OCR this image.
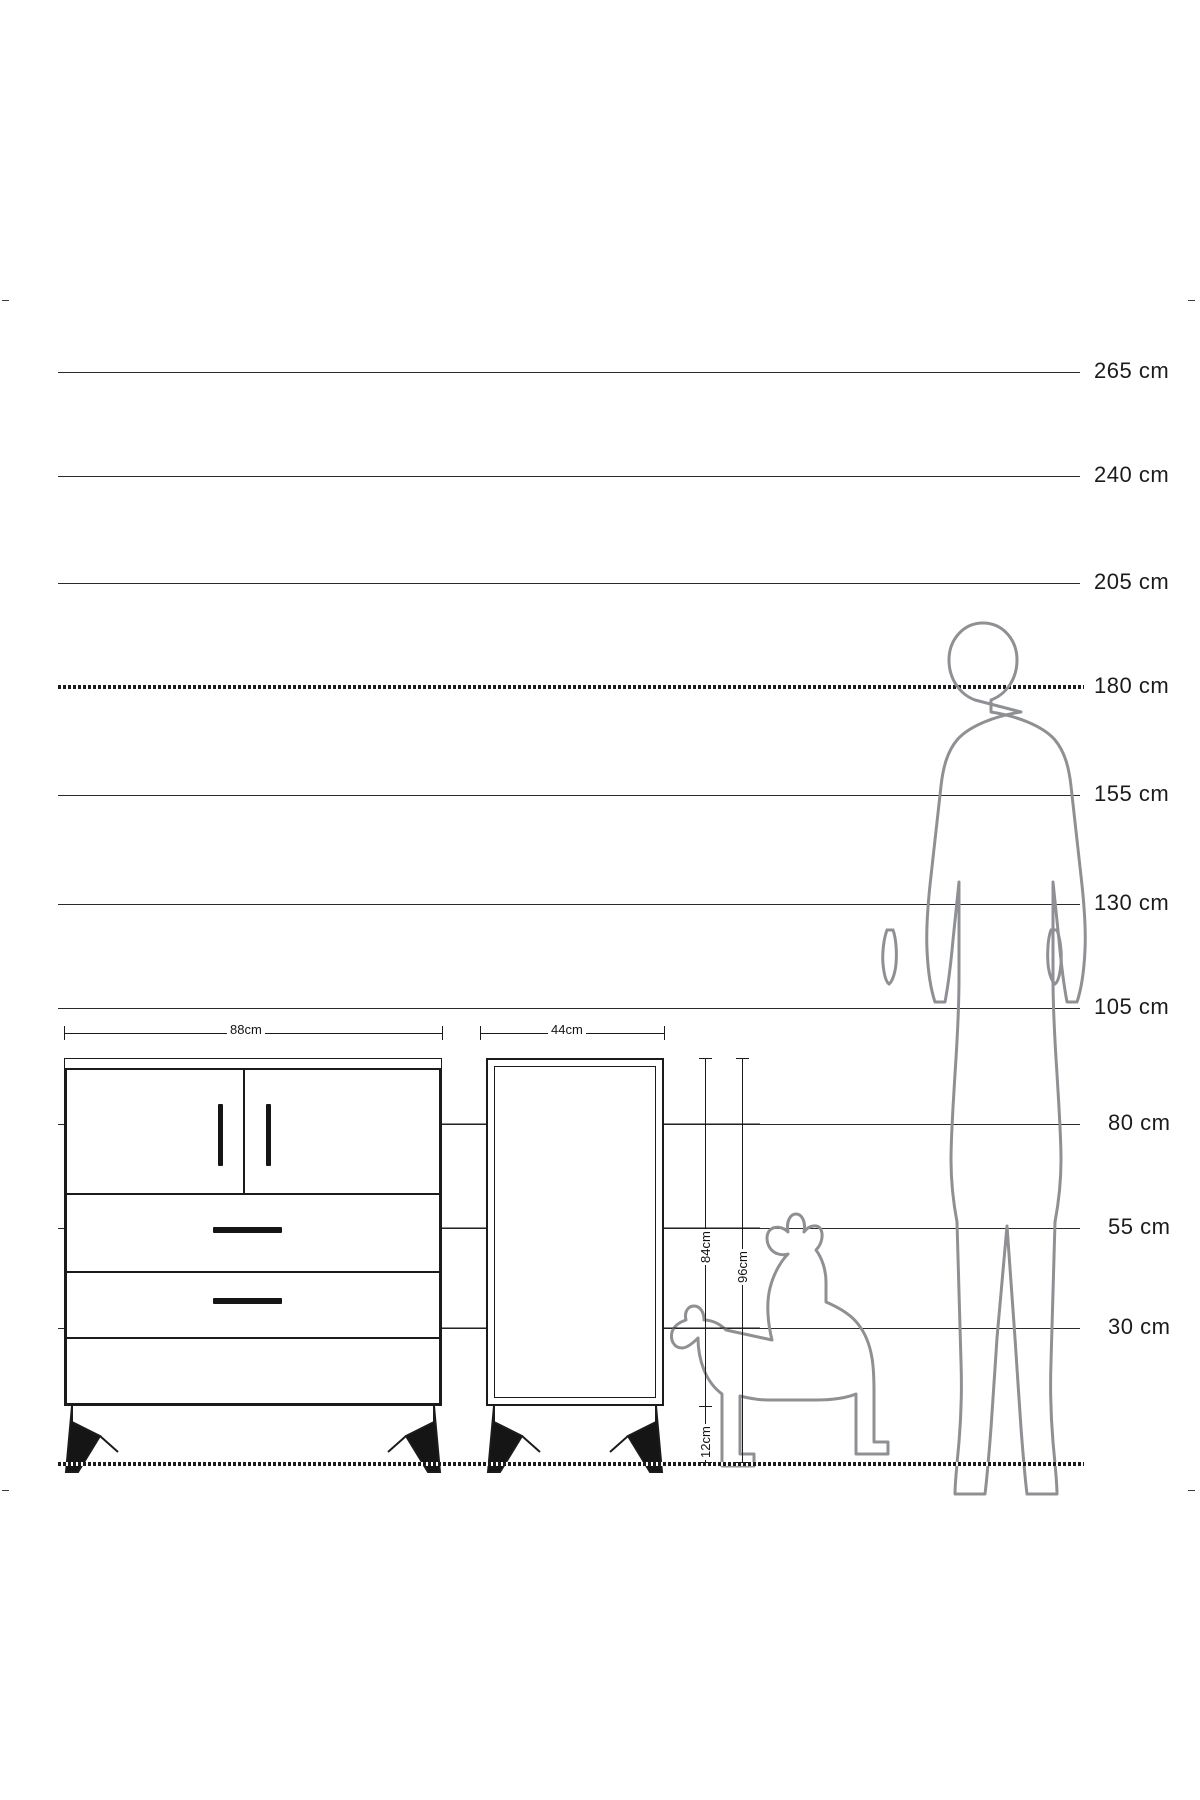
265 cm
240 cm
205 cm
180 cm
155 cm
130 cm
105 cm
80 cm
55 cm
30 cm
88cm	44cm
84cm
96cm
12cm
